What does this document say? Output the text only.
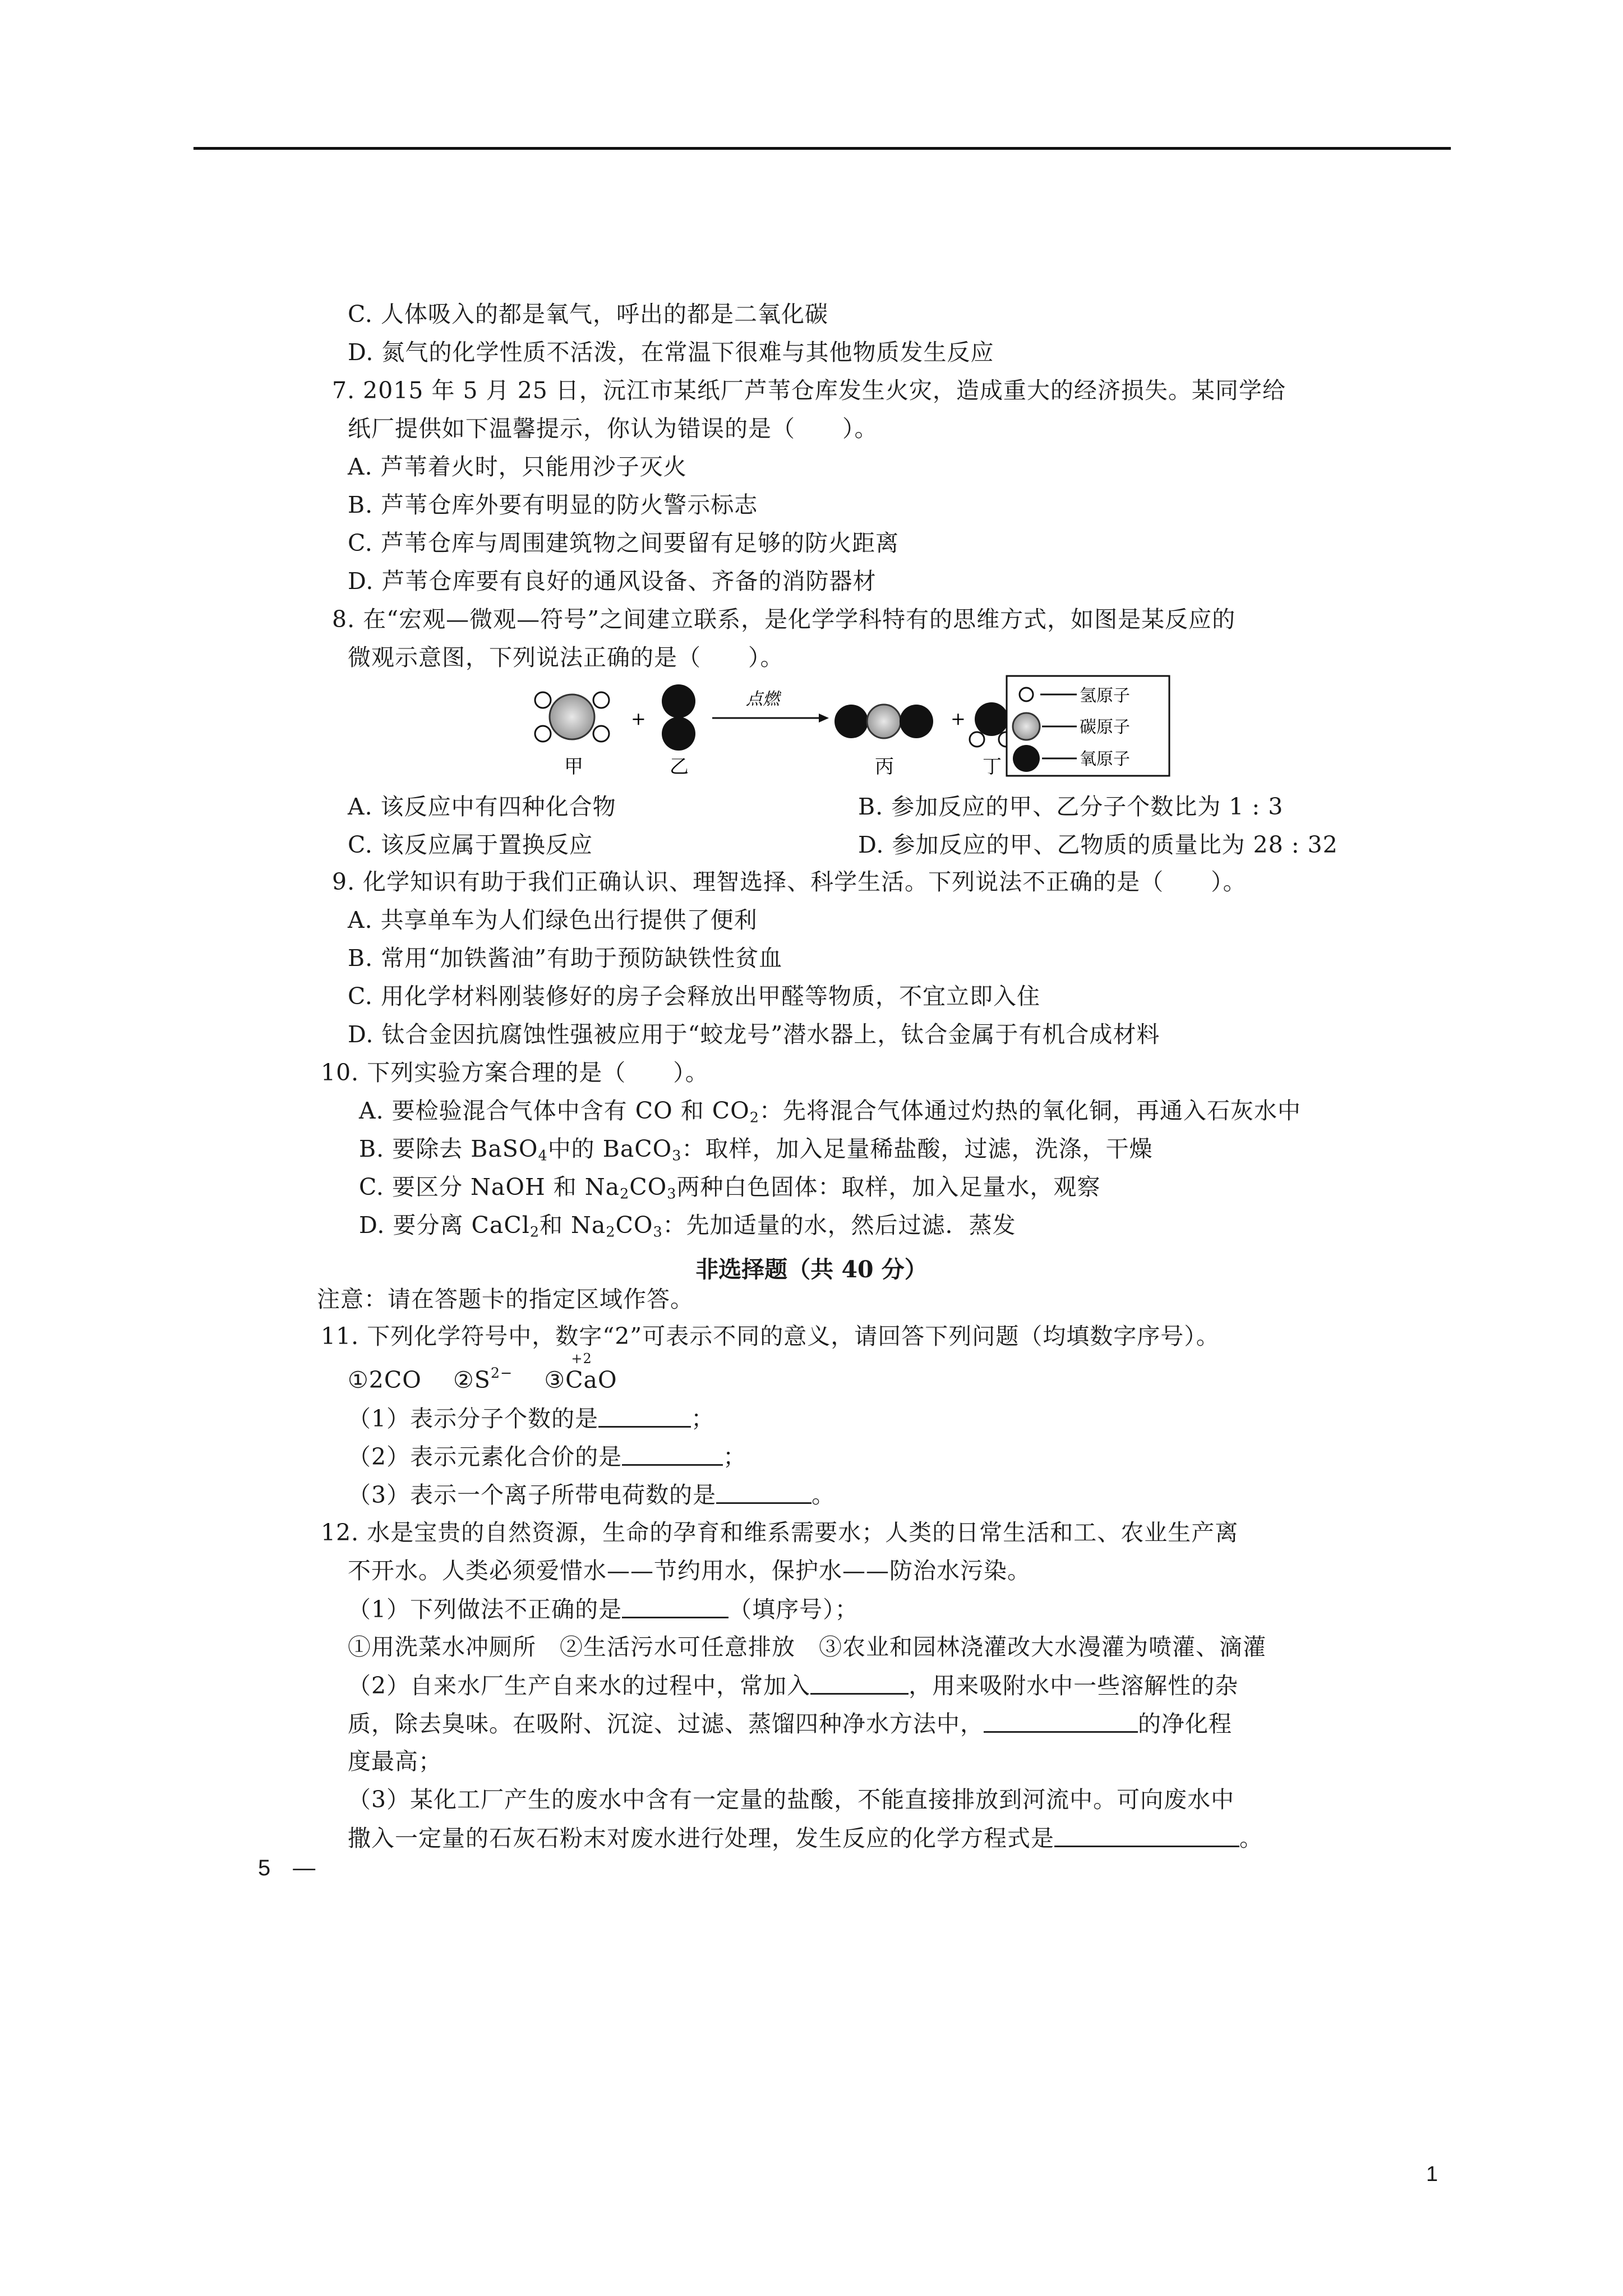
C. 人体吸入的都是氧气，呼出的都是二氧化碳
D. 氮气的化学性质不活泼，在常温下很难与其他物质发生反应
7. 2015 年 5 月 25 日，沅江市某纸厂芦苇仓库发生火灾，造成重大的经济损失。某同学给
纸厂提供如下温馨提示，你认为错误的是（　　）。
A. 芦苇着火时，只能用沙子灭火
B. 芦苇仓库外要有明显的防火警示标志
C. 芦苇仓库与周围建筑物之间要留有足够的防火距离
D. 芦苇仓库要有良好的通风设备、齐备的消防器材
8. 在“宏观—微观—符号”之间建立联系，是化学学科特有的思维方式，如图是某反应的
微观示意图，下列说法正确的是（　　）。
+
点燃
+
甲	乙	丙	丁
氢原子
碳原子
氧原子
A. 该反应中有四种化合物	B. 参加反应的甲、乙分子个数比为 1 : 3
C. 该反应属于置换反应	D. 参加反应的甲、乙物质的质量比为 28 : 32
9. 化学知识有助于我们正确认识、理智选择、科学生活。下列说法不正确的是（　　）。
A. 共享单车为人们绿色出行提供了便利
B. 常用“加铁酱油”有助于预防缺铁性贫血
C. 用化学材料刚装修好的房子会释放出甲醛等物质，不宜立即入住
D. 钛合金因抗腐蚀性强被应用于“蛟龙号”潜水器上，钛合金属于有机合成材料
10. 下列实验方案合理的是（　　）。
A. 要检验混合气体中含有 CO 和 $CO_2$：先将混合气体通过灼热的氧化铜，再通入石灰水中
B. 要除去 BaSO$_4$中的 BaCO$_3$：取样，加入足量稀盐酸，过滤，洗涤，干燥
C. 要区分 NaOH 和 $Na_2CO_3$两种白色固体：取样，加入足量水，观察
D. 要分离 CaCl$_2$和 $Na_2CO_3$：先加适量的水，然后过滤．蒸发
非选择题（共 40 分）
注意：请在答题卡的指定区域作答。
11. 下列化学符号中，数字“2”可表示不同的意义，请回答下列问题（均填数字序号）。
①2CO $②S^{2-}$ ③
+2
CaO
（1）表示分子个数的是	；
（2）表示元素化合价的是	；
（3）表示一个离子所带电荷数的是	。
12. 水是宝贵的自然资源，生命的孕育和维系需要水；人类的日常生活和工、农业生产离
不开水。人类必须爱惜水——节约用水，保护水——防治水污染。
（1）下列做法不正确的是	（填序号）；
①用洗菜水冲厕所　②生活污水可任意排放　③农业和园林浇灌改大水漫灌为喷灌、滴灌
（2）自来水厂生产自来水的过程中，常加入	，用来吸附水中一些溶解性的杂
质，除去臭味。在吸附、沉淀、过滤、蒸馏四种净水方法中，	的净化程
度最高；
（3）某化工厂产生的废水中含有一定量的盐酸，不能直接排放到河流中。可向废水中
撒入一定量的石灰石粉末对废水进行处理，发生反应的化学方程式是	。
5　—
1
